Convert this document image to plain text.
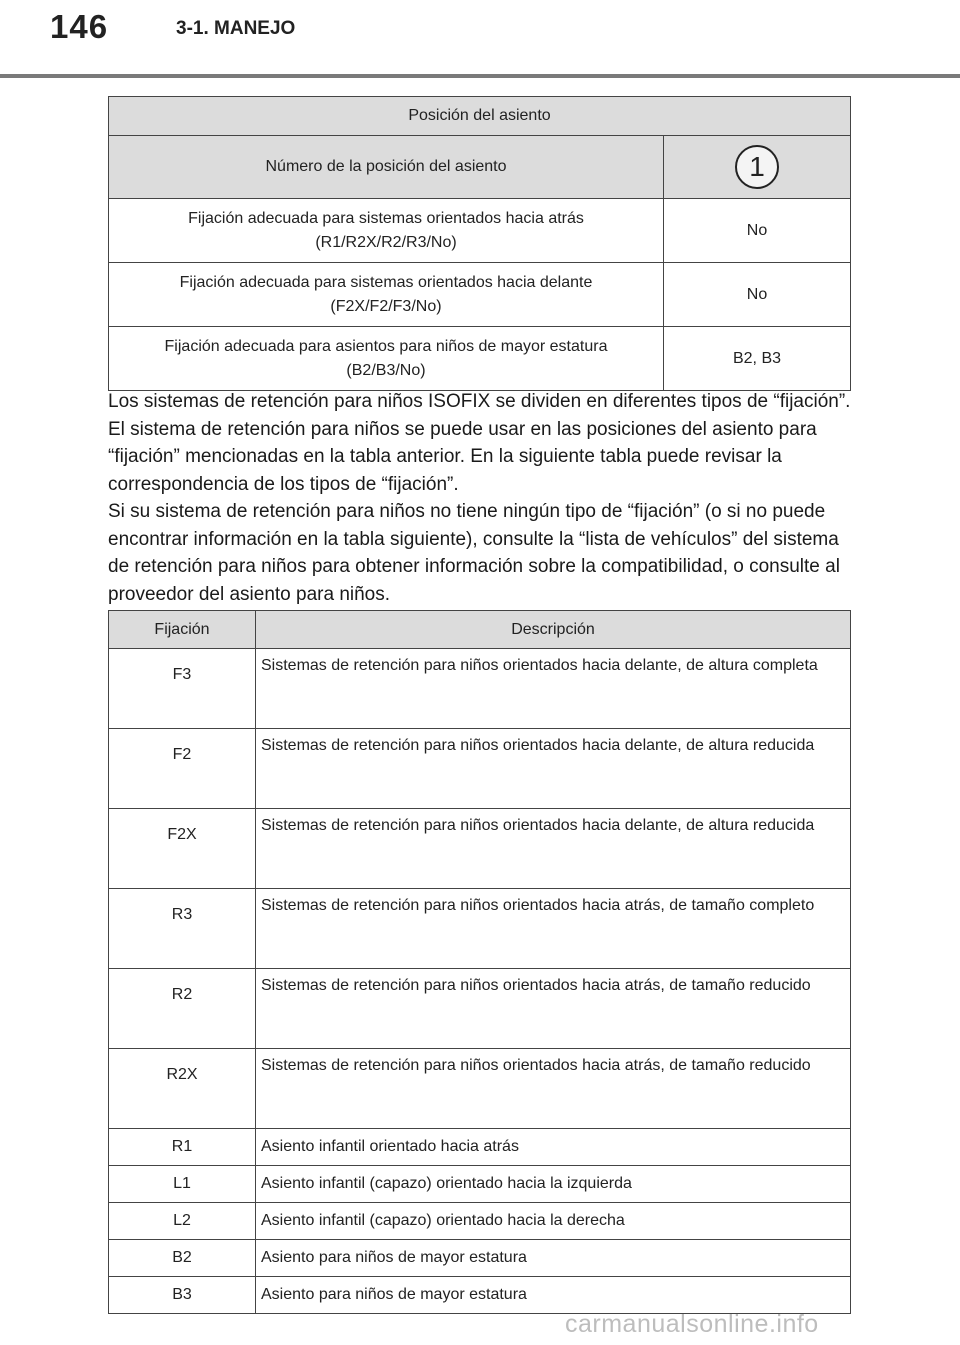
146	3-1. MANEJO
Posición del asiento	
Número de la posición del asiento	1
Fijación adecuada para sistemas orientados hacia atrás
(R1/R2X/R2/R3/No)	No
Fijación adecuada para sistemas orientados hacia delante
(F2X/F2/F3/No)	No
Fijación adecuada para asientos para niños de mayor estatura
(B2/B3/No)	B2, B3

Los sistemas de retención para niños ISOFIX se dividen en diferentes tipos de “fijación”. El sistema de retención para niños se puede usar en las posiciones del asiento para “fijación” mencionadas en la tabla anterior. En la siguiente tabla puede revisar la correspondencia de los tipos de “fijación”.

Si su sistema de retención para niños no tiene ningún tipo de “fijación” (o si no puede encontrar información en la tabla siguiente), consulte la “lista de vehículos” del sistema de retención para niños para obtener información sobre la compatibilidad, o consulte al proveedor del asiento para niños.

Fijación	Descripción
F3	Sistemas de retención para niños orientados hacia delante, de altura completa
F2	Sistemas de retención para niños orientados hacia delante, de altura reducida
F2X	Sistemas de retención para niños orientados hacia delante, de altura reducida
R3	Sistemas de retención para niños orientados hacia atrás, de tamaño completo
R2	Sistemas de retención para niños orientados hacia atrás, de tamaño reducido
R2X	Sistemas de retención para niños orientados hacia atrás, de tamaño reducido
R1	Asiento infantil orientado hacia atrás
L1	Asiento infantil (capazo) orientado hacia la izquierda
L2	Asiento infantil (capazo) orientado hacia la derecha
B2	Asiento para niños de mayor estatura
B3	Asiento para niños de mayor estatura
carmanualsonline.info
